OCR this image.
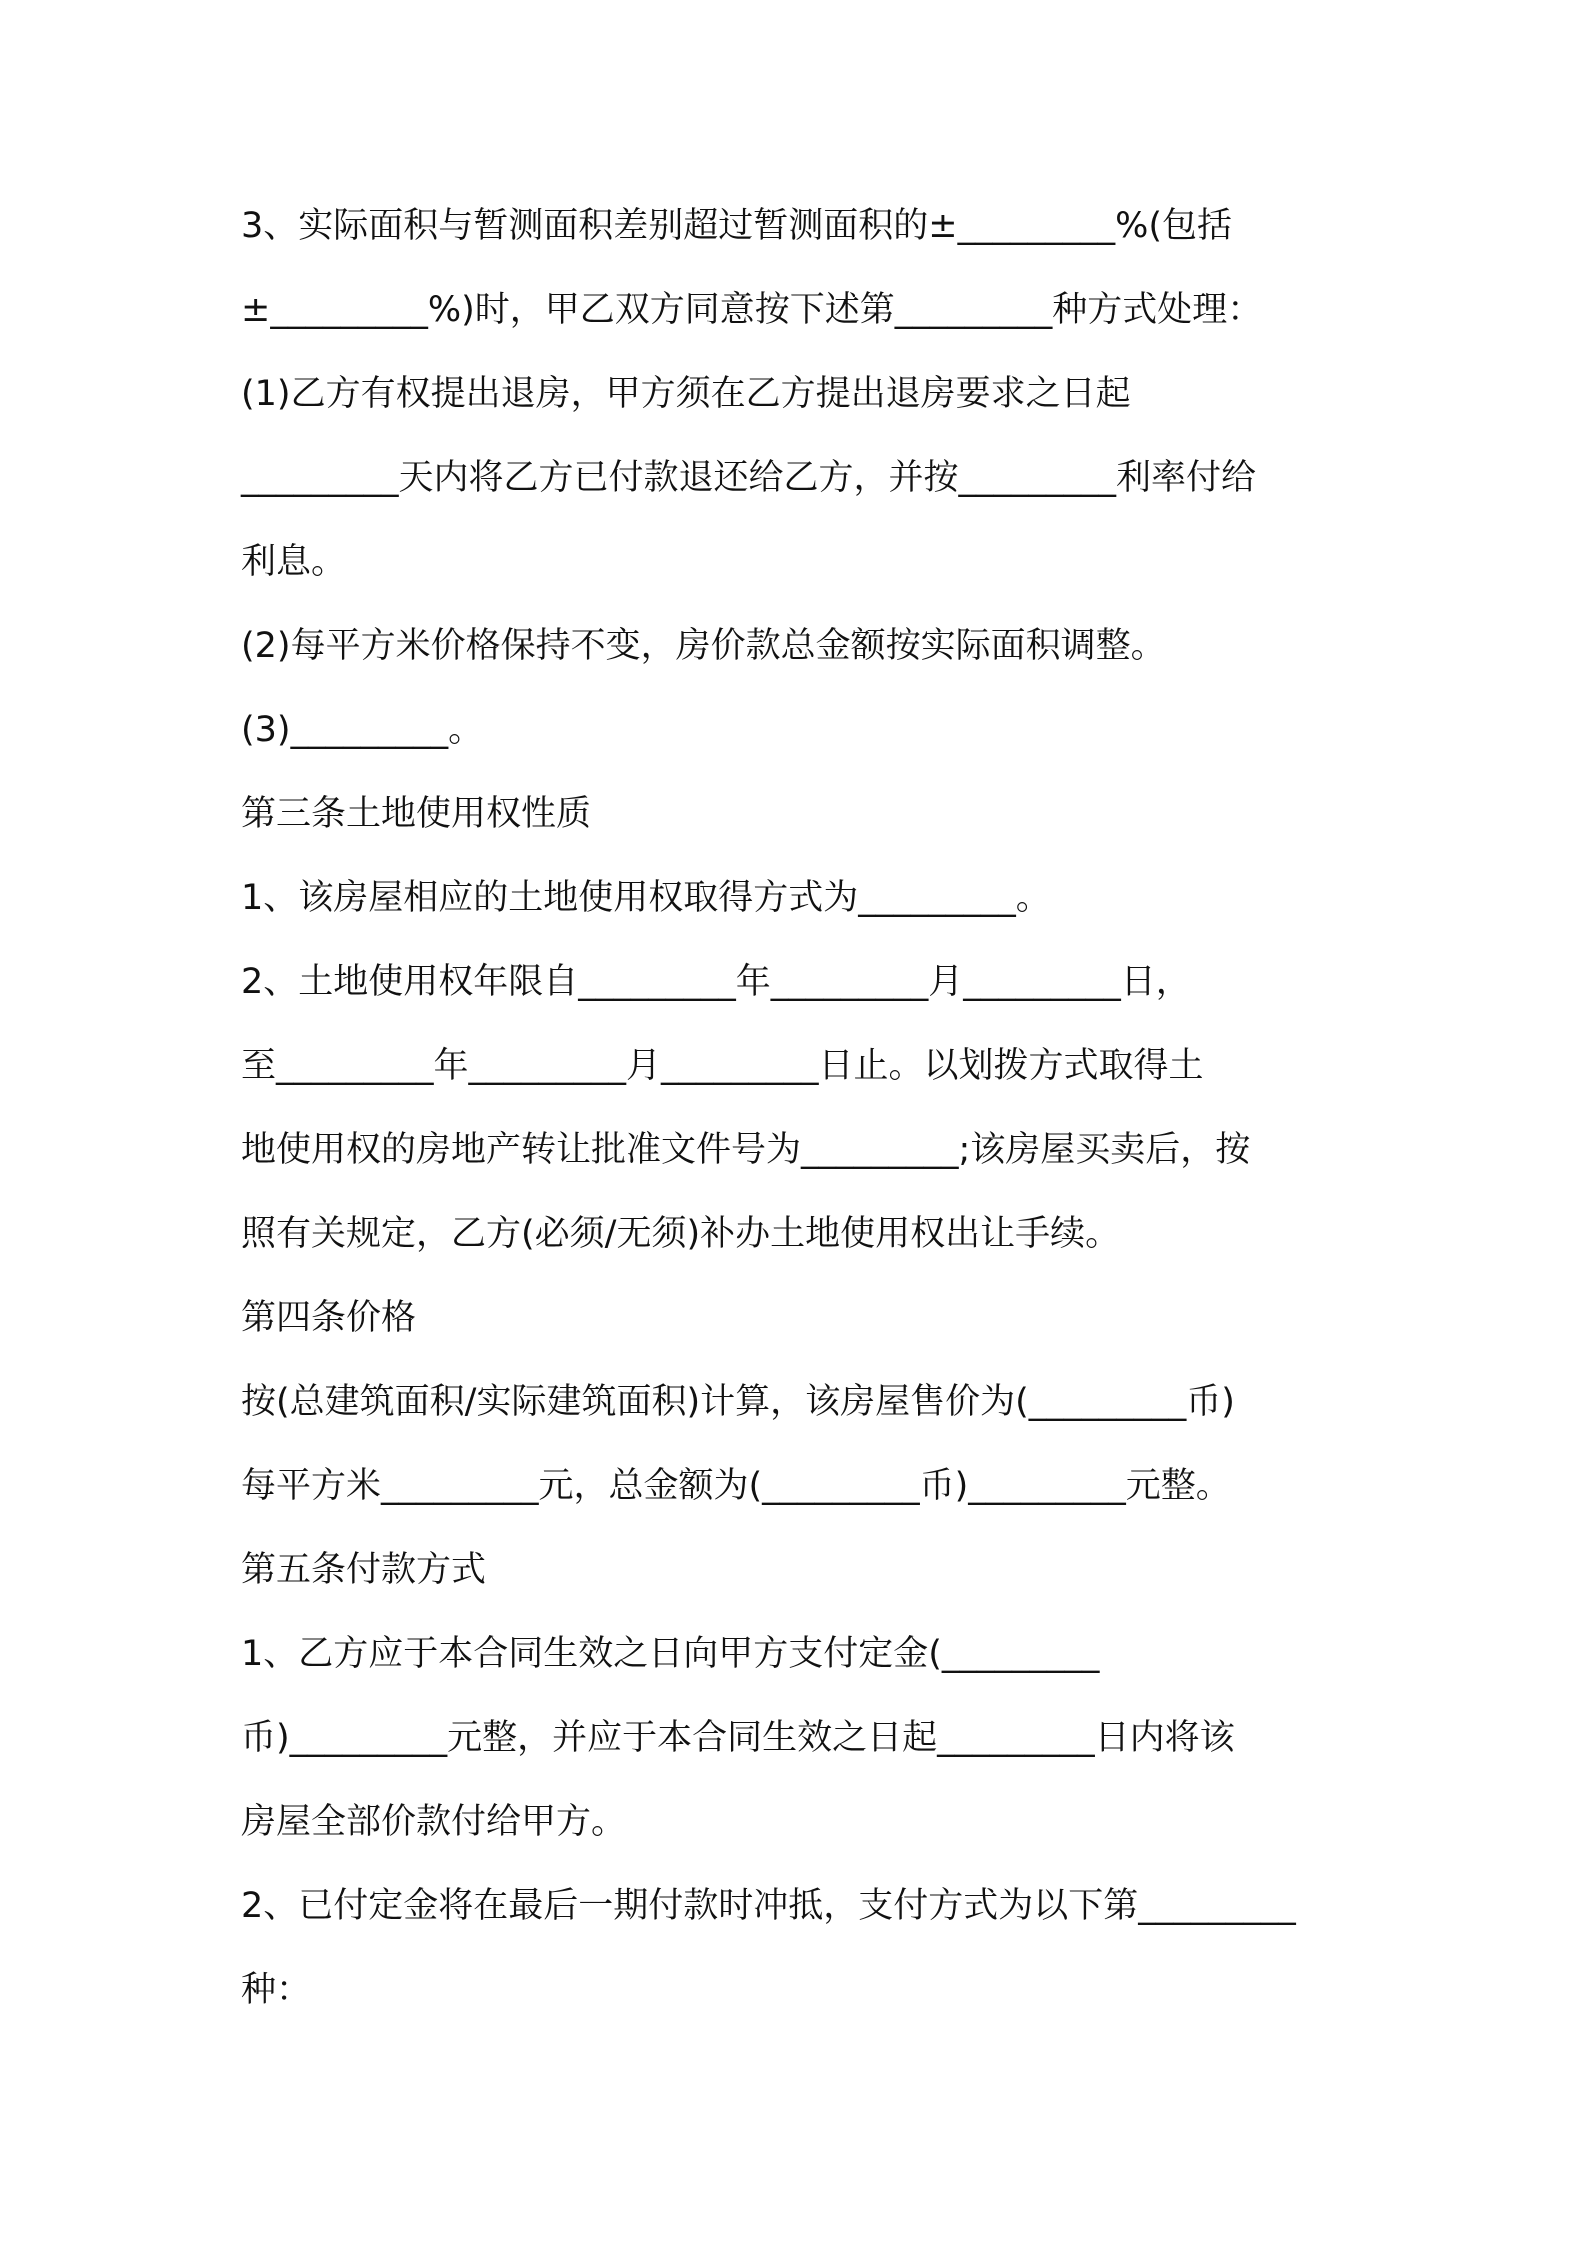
3、实际面积与暂测面积差别超过暂测面积的±_________%(包括
±_________%)时，甲乙双方同意按下述第_________种方式处理：
(1)乙方有权提出退房，甲方须在乙方提出退房要求之日起
_________天内将乙方已付款退还给乙方，并按_________利率付给
利息。
(2)每平方米价格保持不变，房价款总金额按实际面积调整。
(3)_________。
第三条土地使用权性质
1、该房屋相应的土地使用权取得方式为_________。
2、土地使用权年限自_________年_________月_________日，
至_________年_________月_________日止。以划拨方式取得土
地使用权的房地产转让批准文件号为_________;该房屋买卖后，按
照有关规定，乙方(必须/无须)补办土地使用权出让手续。
第四条价格
按(总建筑面积/实际建筑面积)计算，该房屋售价为(_________币)
每平方米_________元，总金额为(_________币)_________元整。
第五条付款方式
1、乙方应于本合同生效之日向甲方支付定金(_________
币)_________元整，并应于本合同生效之日起_________日内将该
房屋全部价款付给甲方。
2、已付定金将在最后一期付款时冲抵，支付方式为以下第_________
种：
